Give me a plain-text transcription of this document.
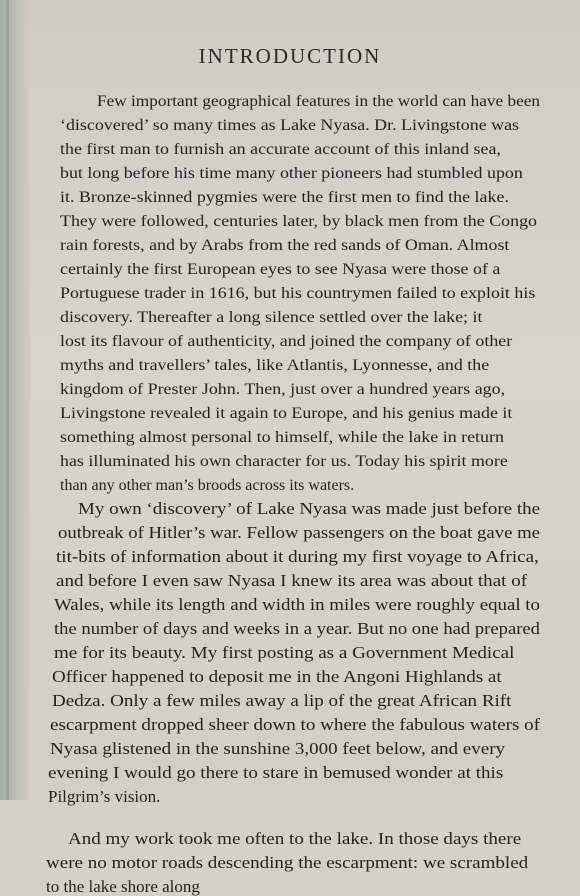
INTRODUCTION
Few important geographical features in the world can have been
‘discovered’ so many times as Lake Nyasa. Dr. Livingstone was
the first man to furnish an accurate account of this inland sea,
but long before his time many other pioneers had stumbled upon
it. Bronze-skinned pygmies were the first men to find the lake.
They were followed, centuries later, by black men from the Congo
rain forests, and by Arabs from the red sands of Oman. Almost
certainly the first European eyes to see Nyasa were those of a
Portuguese trader in 1616, but his countrymen failed to exploit his
discovery. Thereafter a long silence settled over the lake; it
lost its flavour of authenticity, and joined the company of other
myths and travellers’ tales, like Atlantis, Lyonnesse, and the
kingdom of Prester John. Then, just over a hundred years ago,
Livingstone revealed it again to Europe, and his genius made it
something almost personal to himself, while the lake in return
has illuminated his own character for us. Today his spirit more
than any other man’s broods across its waters.
My own ‘discovery’ of Lake Nyasa was made just before the
outbreak of Hitler’s war. Fellow passengers on the boat gave me
tit-bits of information about it during my first voyage to Africa,
and before I even saw Nyasa I knew its area was about that of
Wales, while its length and width in miles were roughly equal to
the number of days and weeks in a year. But no one had prepared
me for its beauty. My first posting as a Government Medical
Officer happened to deposit me in the Angoni Highlands at
Dedza. Only a few miles away a lip of the great African Rift
escarpment dropped sheer down to where the fabulous waters of
Nyasa glistened in the sunshine 3,000 feet below, and every
evening I would go there to stare in bemused wonder at this
Pilgrim’s vision.
And my work took me often to the lake. In those days there
were no motor roads descending the escarpment: we scrambled
to the lake shore along
